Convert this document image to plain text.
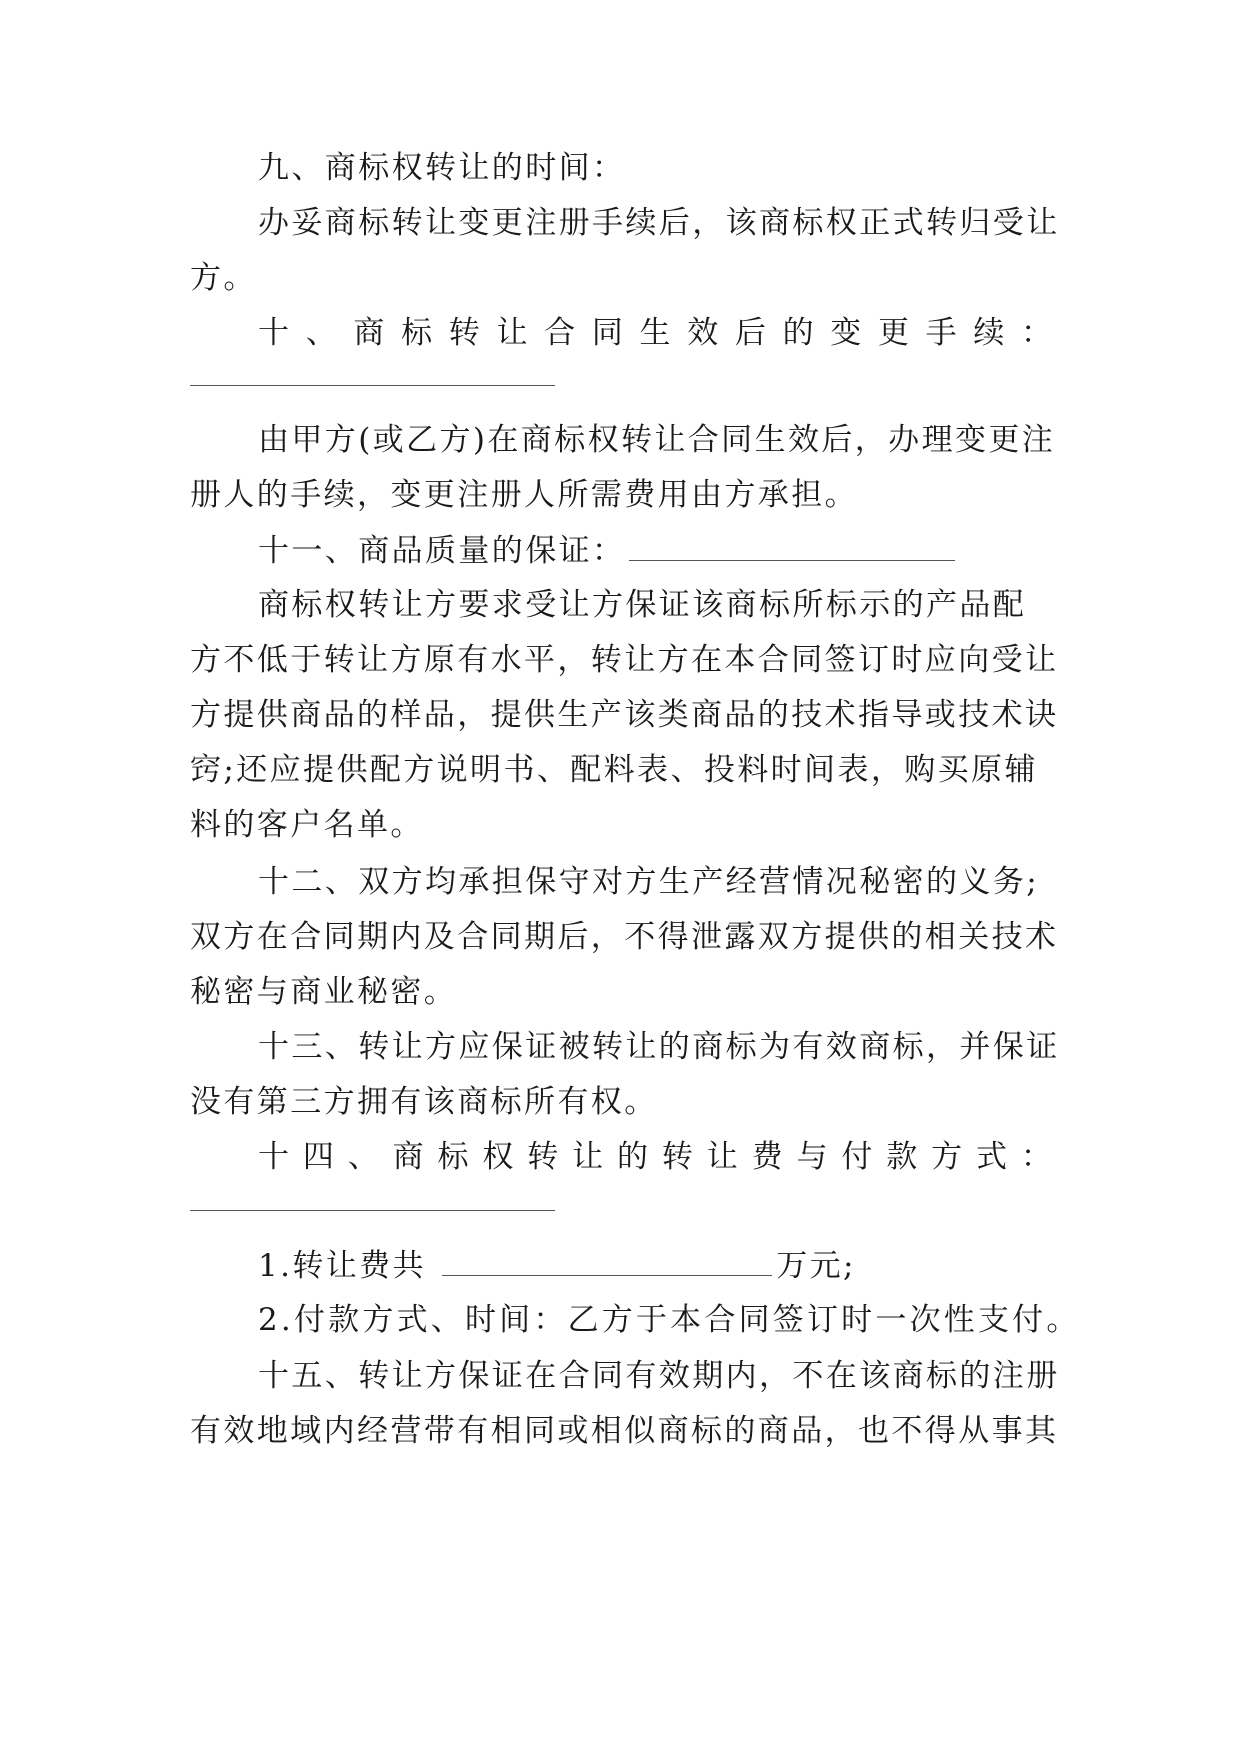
九、商标权转让的时间：
办妥商标转让变更注册手续后，该商标权正式转归受让
方。
十 、 商 标 转 让 合 同 生 效 后 的 变 更 手 续 ：
由甲方(或乙方)在商标权转让合同生效后，办理变更注
册人的手续，变更注册人所需费用由方承担。
十一、商品质量的保证：
商标权转让方要求受让方保证该商标所标示的产品配
方不低于转让方原有水平，转让方在本合同签订时应向受让
方提供商品的样品，提供生产该类商品的技术指导或技术诀
窍;还应提供配方说明书、配料表、投料时间表，购买原辅
料的客户名单。
十二、双方均承担保守对方生产经营情况秘密的义务;
双方在合同期内及合同期后，不得泄露双方提供的相关技术
秘密与商业秘密。
十三、转让方应保证被转让的商标为有效商标，并保证
没有第三方拥有该商标所有权。
十 四 、 商 标 权 转 让 的 转 让 费 与 付 款 方 式 ：
1.转让费共	万元;
2.付款方式、时间：乙方于本合同签订时一次性支付。
十五、转让方保证在合同有效期内，不在该商标的注册
有效地域内经营带有相同或相似商标的商品，也不得从事其
